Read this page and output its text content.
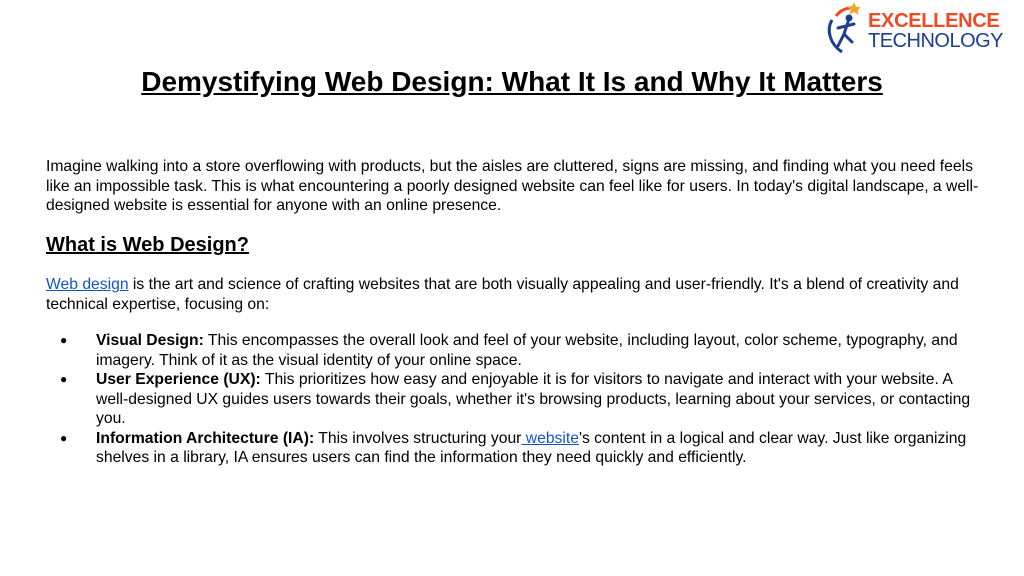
EXCELLENCE
TECHNOLOGY
Demystifying Web Design: What It Is and Why It Matters

Imagine walking into a store overflowing with products, but the aisles are cluttered, signs are missing, and finding what you need feels like an impossible task. This is what encountering a poorly designed website can feel like for users. In today's digital landscape, a well-designed website is essential for anyone with an online presence.

What is Web Design?

Web design is the art and science of crafting websites that are both visually appealing and user-friendly. It's a blend of creativity and technical expertise, focusing on:

● Visual Design: This encompasses the overall look and feel of your website, including layout, color scheme, typography, and imagery. Think of it as the visual identity of your online space.
● User Experience (UX): This prioritizes how easy and enjoyable it is for visitors to navigate and interact with your website. A well-designed UX guides users towards their goals, whether it's browsing products, learning about your services, or contacting you.
● Information Architecture (IA): This involves structuring your website's content in a logical and clear way. Just like organizing shelves in a library, IA ensures users can find the information they need quickly and efficiently.
